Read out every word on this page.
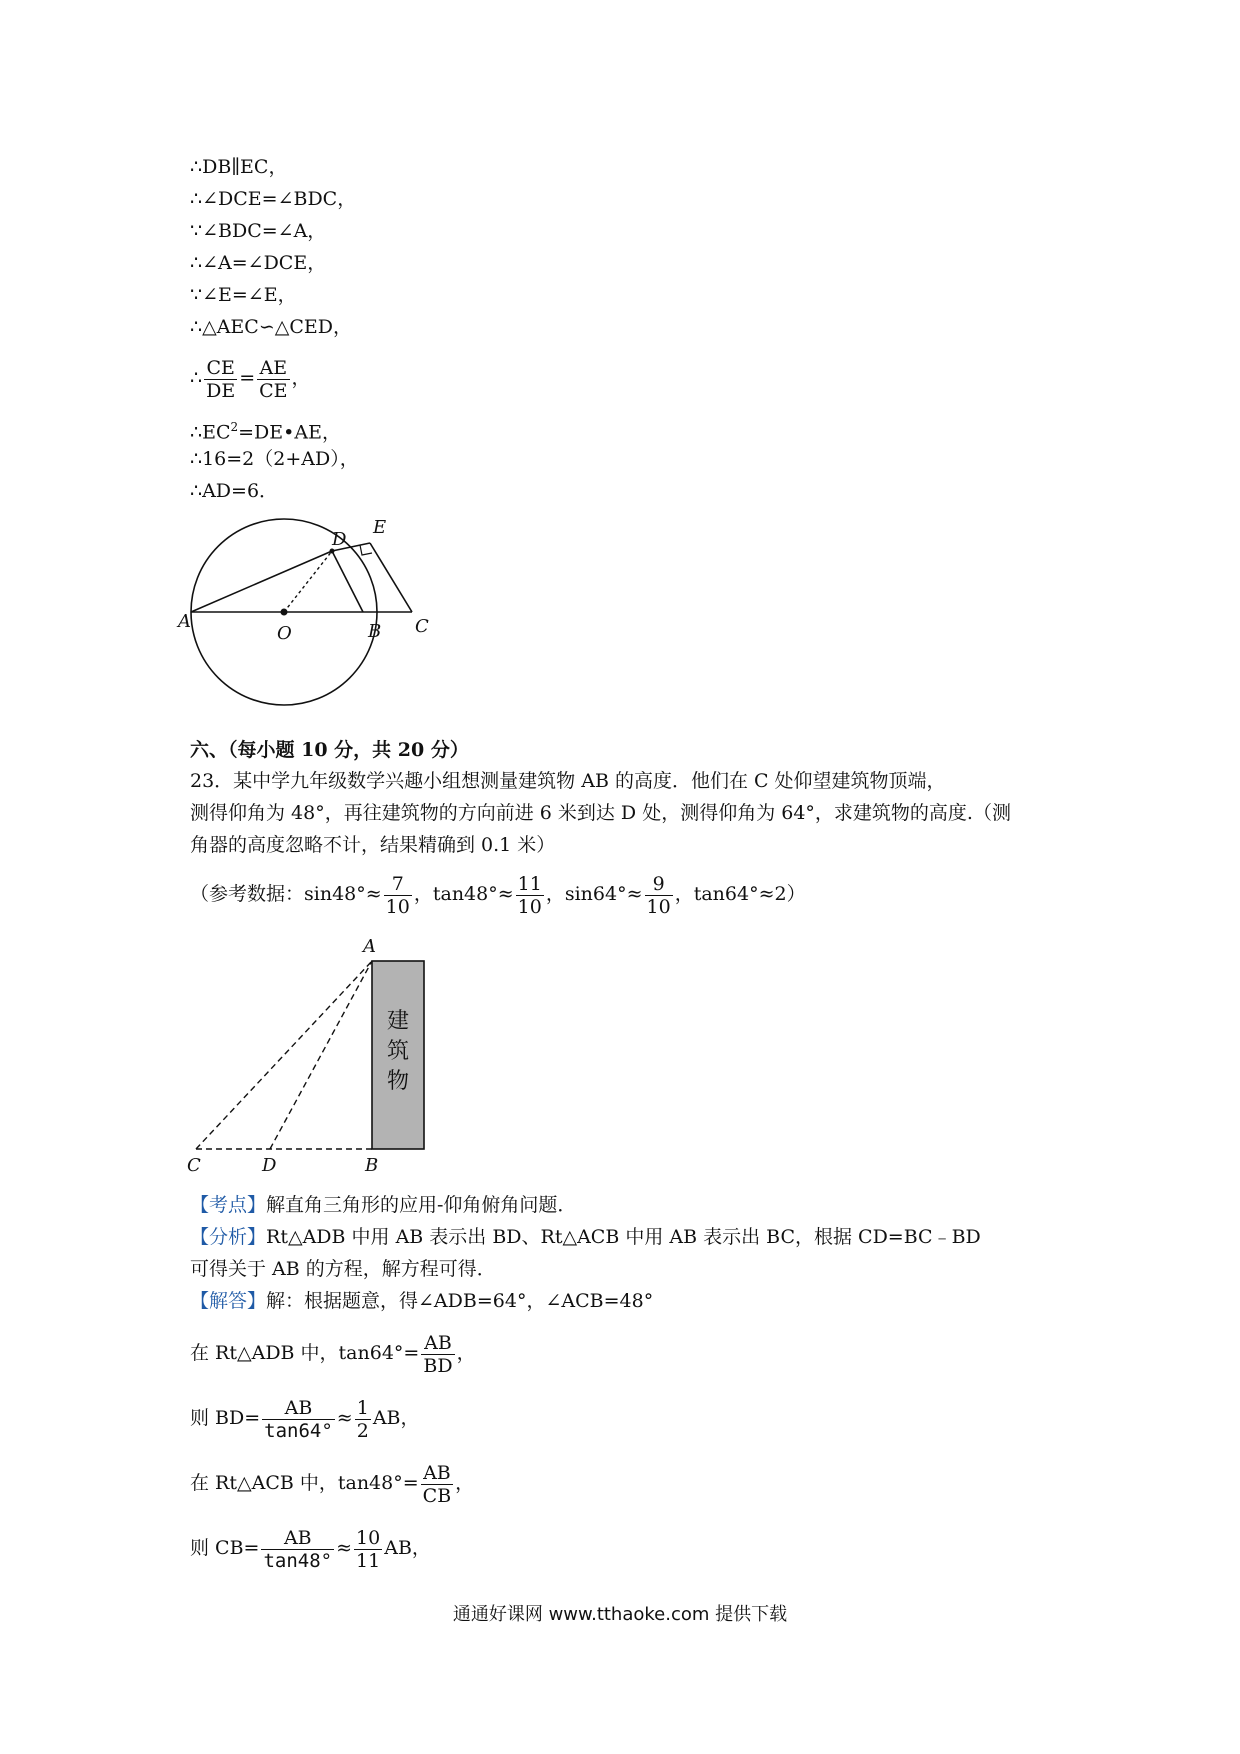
∴DB∥EC，
∴∠DCE=∠BDC，
∵∠BDC=∠A，
∴∠A=∠DCE，
∵∠E=∠E，
∴△AEC∽△CED，
∴ $\frac{CE}{DE} = \frac{AE}{CE}$ ，
$\therefore EC^2=DE•AE$，
∴16=2（2+AD），
∴AD=6．
A
O	B C
D
E
六、（每小题 10 分，共 20 分）
23．某中学九年级数学兴趣小组想测量建筑物 AB 的高度．他们在 C 处仰望建筑物顶端，
测得仰角为 48°，再往建筑物的方向前进 6 米到达 D 处，测得仰角为 64°，求建筑物的高度.（测
角器的高度忽略不计，结果精确到 0.1 米）
（参考数据：$\sin 48^\circ\approx \frac{7}{10}$ ，$\tan 48^\circ\approx \frac{11}{10}$ ，$\sin 64^\circ\approx \frac{9}{10}$ ，tan64°≈2）
建
筑
物
A
C	D	B
【考点】解直角三角形的应用-仰角俯角问题．
【分析】Rt△ADB 中用 AB 表示出 BD、Rt△ACB 中用 AB 表示出 BC，根据 CD=BC﹣BD
可得关于 AB 的方程，解方程可得．
【解答】解：根据题意，得∠ADB=64°，∠ACB=48°
在 Rt△ADB 中，$\tan 64^\circ= \frac{AB}{BD}$ ，
则 $BD= \frac{AB}{\tan 64^\circ} \approx \frac{1}{2}$ AB，
在 Rt△ACB 中，$\tan 48^\circ= \frac{AB}{CB}$ ，
则 $CB= \frac{AB}{\tan 48^\circ} \approx \frac{10}{11}$ AB，
通通好课网 www.tthaoke.com 提供下载
